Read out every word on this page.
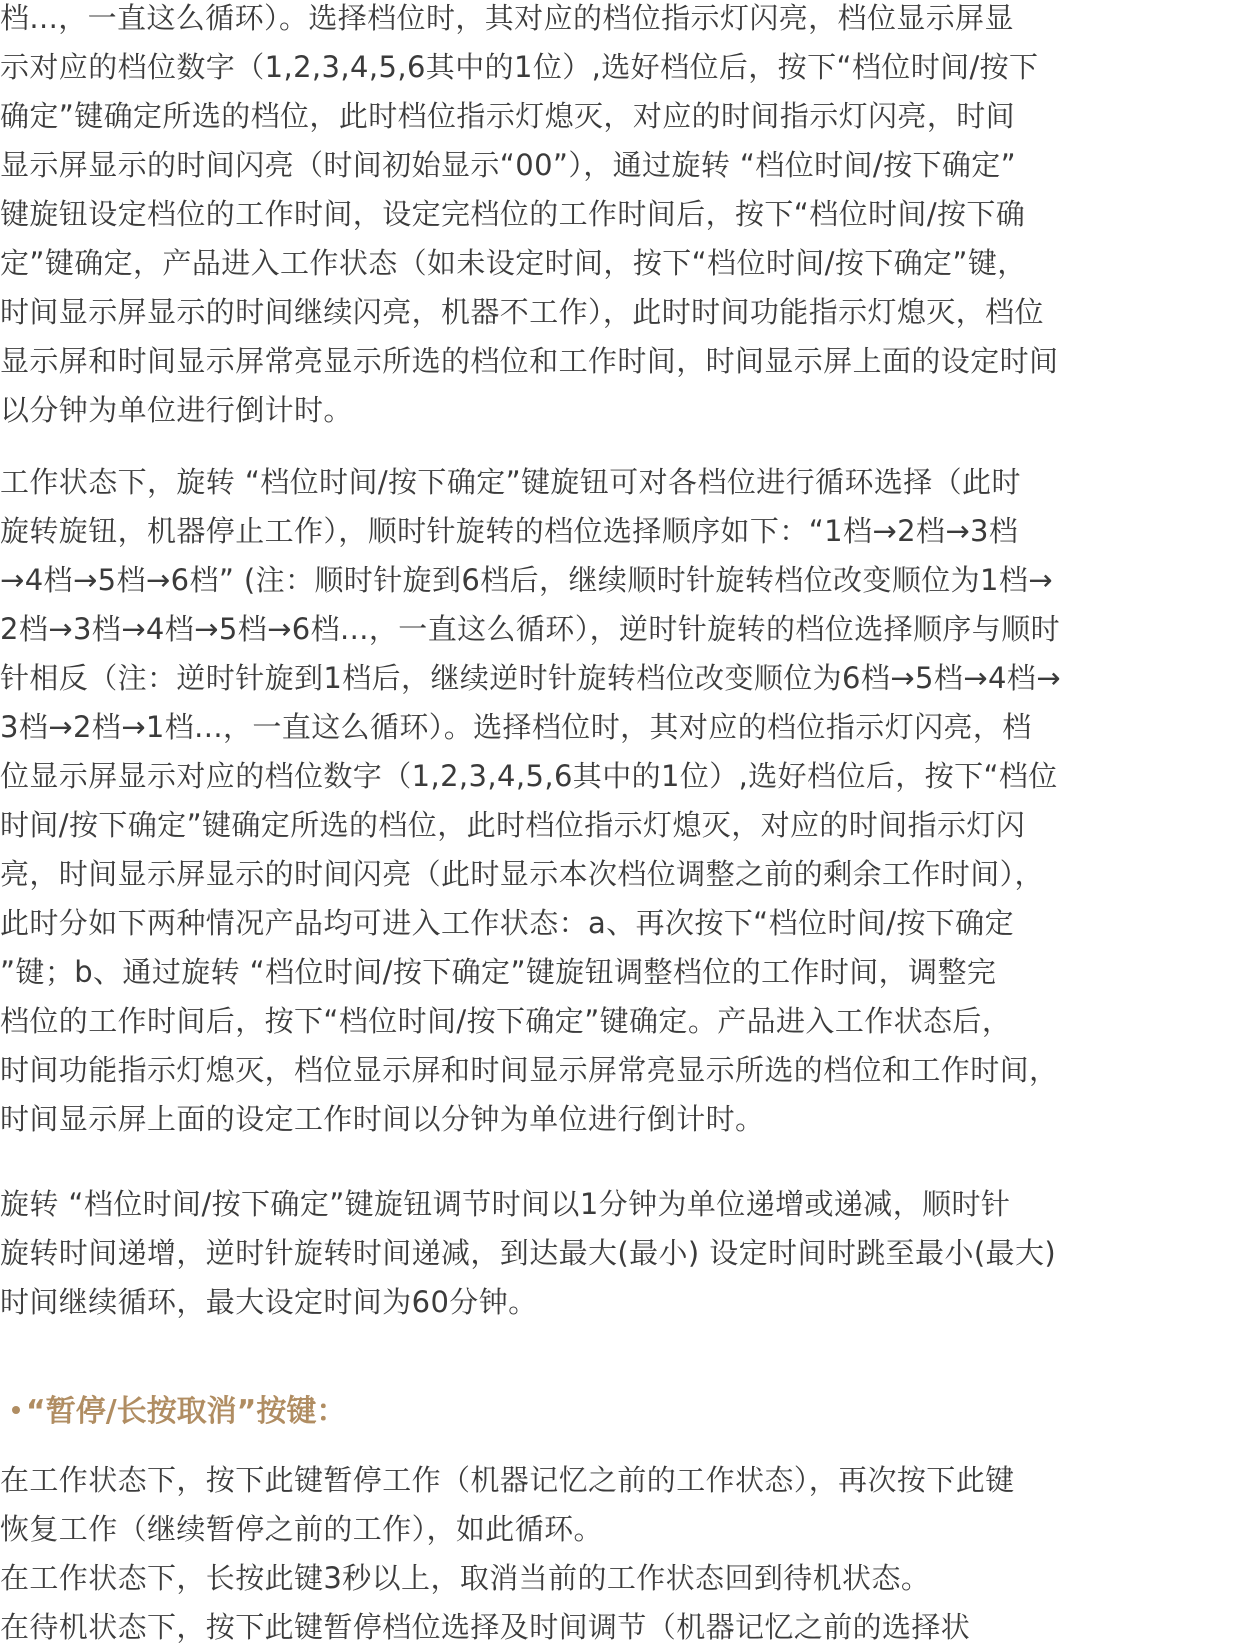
档...，一直这么循环）。选择档位时，其对应的档位指示灯闪亮，档位显示屏显
示对应的档位数字（1,2,3,4,5,6其中的1位）,选好档位后，按下“档位时间/按下
确定”键确定所选的档位，此时档位指示灯熄灭，对应的时间指示灯闪亮，时间
显示屏显示的时间闪亮（时间初始显示“00”），通过旋转 “档位时间/按下确定”
键旋钮设定档位的工作时间，设定完档位的工作时间后，按下“档位时间/按下确
定”键确定，产品进入工作状态（如未设定时间，按下“档位时间/按下确定”键，
时间显示屏显示的时间继续闪亮，机器不工作），此时时间功能指示灯熄灭，档位
显示屏和时间显示屏常亮显示所选的档位和工作时间，时间显示屏上面的设定时间
以分钟为单位进行倒计时。
工作状态下，旋转 “档位时间/按下确定”键旋钮可对各档位进行循环选择（此时
旋转旋钮，机器停止工作），顺时针旋转的档位选择顺序如下：“1档→2档→3档
→4档→5档→6档” (注：顺时针旋到6档后，继续顺时针旋转档位改变顺位为1档→
2档→3档→4档→5档→6档...，一直这么循环），逆时针旋转的档位选择顺序与顺时
针相反（注：逆时针旋到1档后，继续逆时针旋转档位改变顺位为6档→5档→4档→
3档→2档→1档...，一直这么循环）。选择档位时，其对应的档位指示灯闪亮，档
位显示屏显示对应的档位数字（1,2,3,4,5,6其中的1位）,选好档位后，按下“档位
时间/按下确定”键确定所选的档位，此时档位指示灯熄灭，对应的时间指示灯闪
亮，时间显示屏显示的时间闪亮（此时显示本次档位调整之前的剩余工作时间），
此时分如下两种情况产品均可进入工作状态：a、再次按下“档位时间/按下确定
”键；b、通过旋转 “档位时间/按下确定”键旋钮调整档位的工作时间，调整完
档位的工作时间后，按下“档位时间/按下确定”键确定。产品进入工作状态后，
时间功能指示灯熄灭，档位显示屏和时间显示屏常亮显示所选的档位和工作时间，
时间显示屏上面的设定工作时间以分钟为单位进行倒计时。
旋转 “档位时间/按下确定”键旋钮调节时间以1分钟为单位递增或递减，顺时针
旋转时间递增，逆时针旋转时间递减，到达最大(最小) 设定时间时跳至最小(最大)
时间继续循环，最大设定时间为60分钟。
“暂停/长按取消”按键：
在工作状态下，按下此键暂停工作（机器记忆之前的工作状态），再次按下此键
恢复工作（继续暂停之前的工作），如此循环。
在工作状态下，长按此键3秒以上，取消当前的工作状态回到待机状态。
在待机状态下，按下此键暂停档位选择及时间调节（机器记忆之前的选择状
